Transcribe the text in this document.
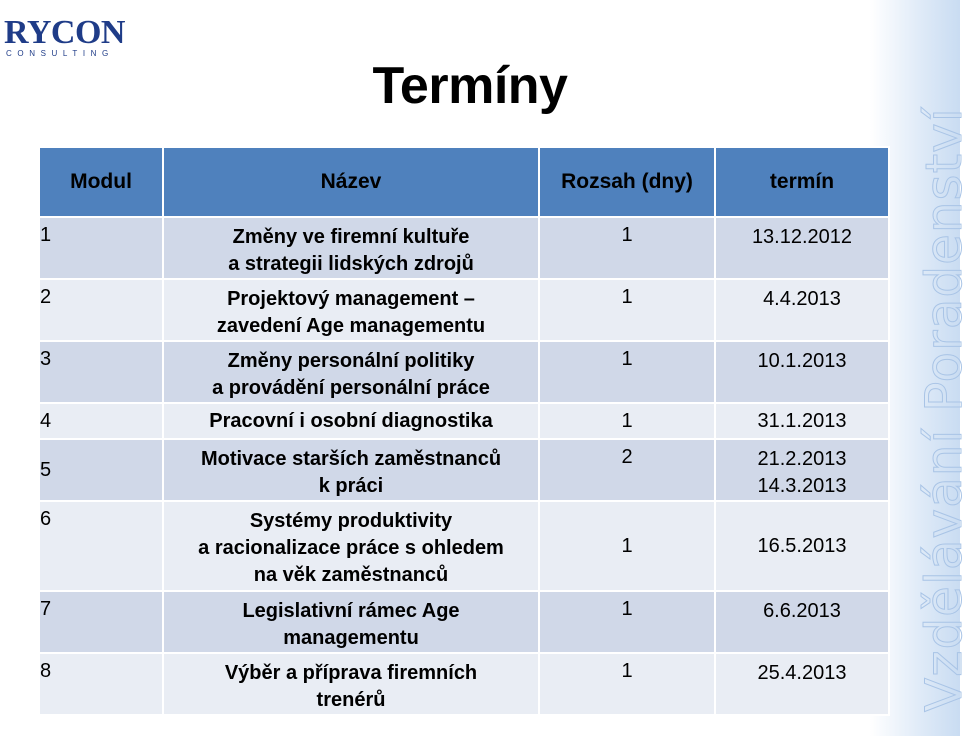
Vzdělávání Poradenství
RYCON
CONSULTING
Termíny
Modul	Název	Rozsah (dny)	termín
1	Změny ve firemní kultuře
a strategii lidských zdrojů	1	13.12.2012

2	Projektový management –
zavedení Age managementu	1	4.4.2013

3	Změny personální politiky
a provádění personální práce	1	10.1.2013

4	Pracovní i osobní diagnostika	1	31.1.2013

5	Motivace starších zaměstnanců
k práci	2	21.2.2013
14.3.2013

6	Systémy produktivity
a racionalizace práce s ohledem
na věk zaměstnanců	1	16.5.2013

7	Legislativní rámec Age
managementu	1	6.6.2013

8	Výběr a příprava firemních
trenérů	1	25.4.2013
